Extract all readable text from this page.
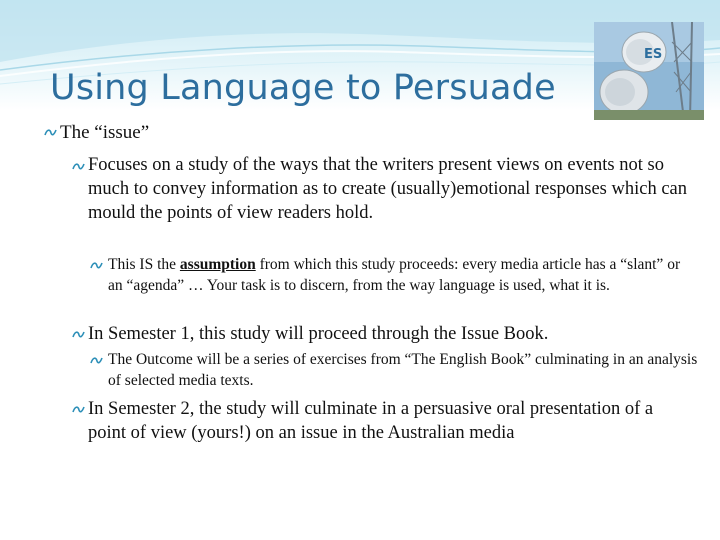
Using Language to Persuade
ES
The “issue”
Focuses on a study of the ways that the writers present views on events not so much to convey information as to create (usually)emotional responses which can mould the points of view readers hold.
This IS the assumption from which this study proceeds: every media article has a “slant” or an “agenda” … Your task is to discern, from the way language is used, what it is.
In Semester 1, this study will proceed through the Issue Book.
The Outcome will be a series of exercises from “The English Book” culminating in an analysis of selected media texts.
In Semester 2, the study will culminate in a persuasive oral presentation of a point of view (yours!) on an issue in the Australian media
